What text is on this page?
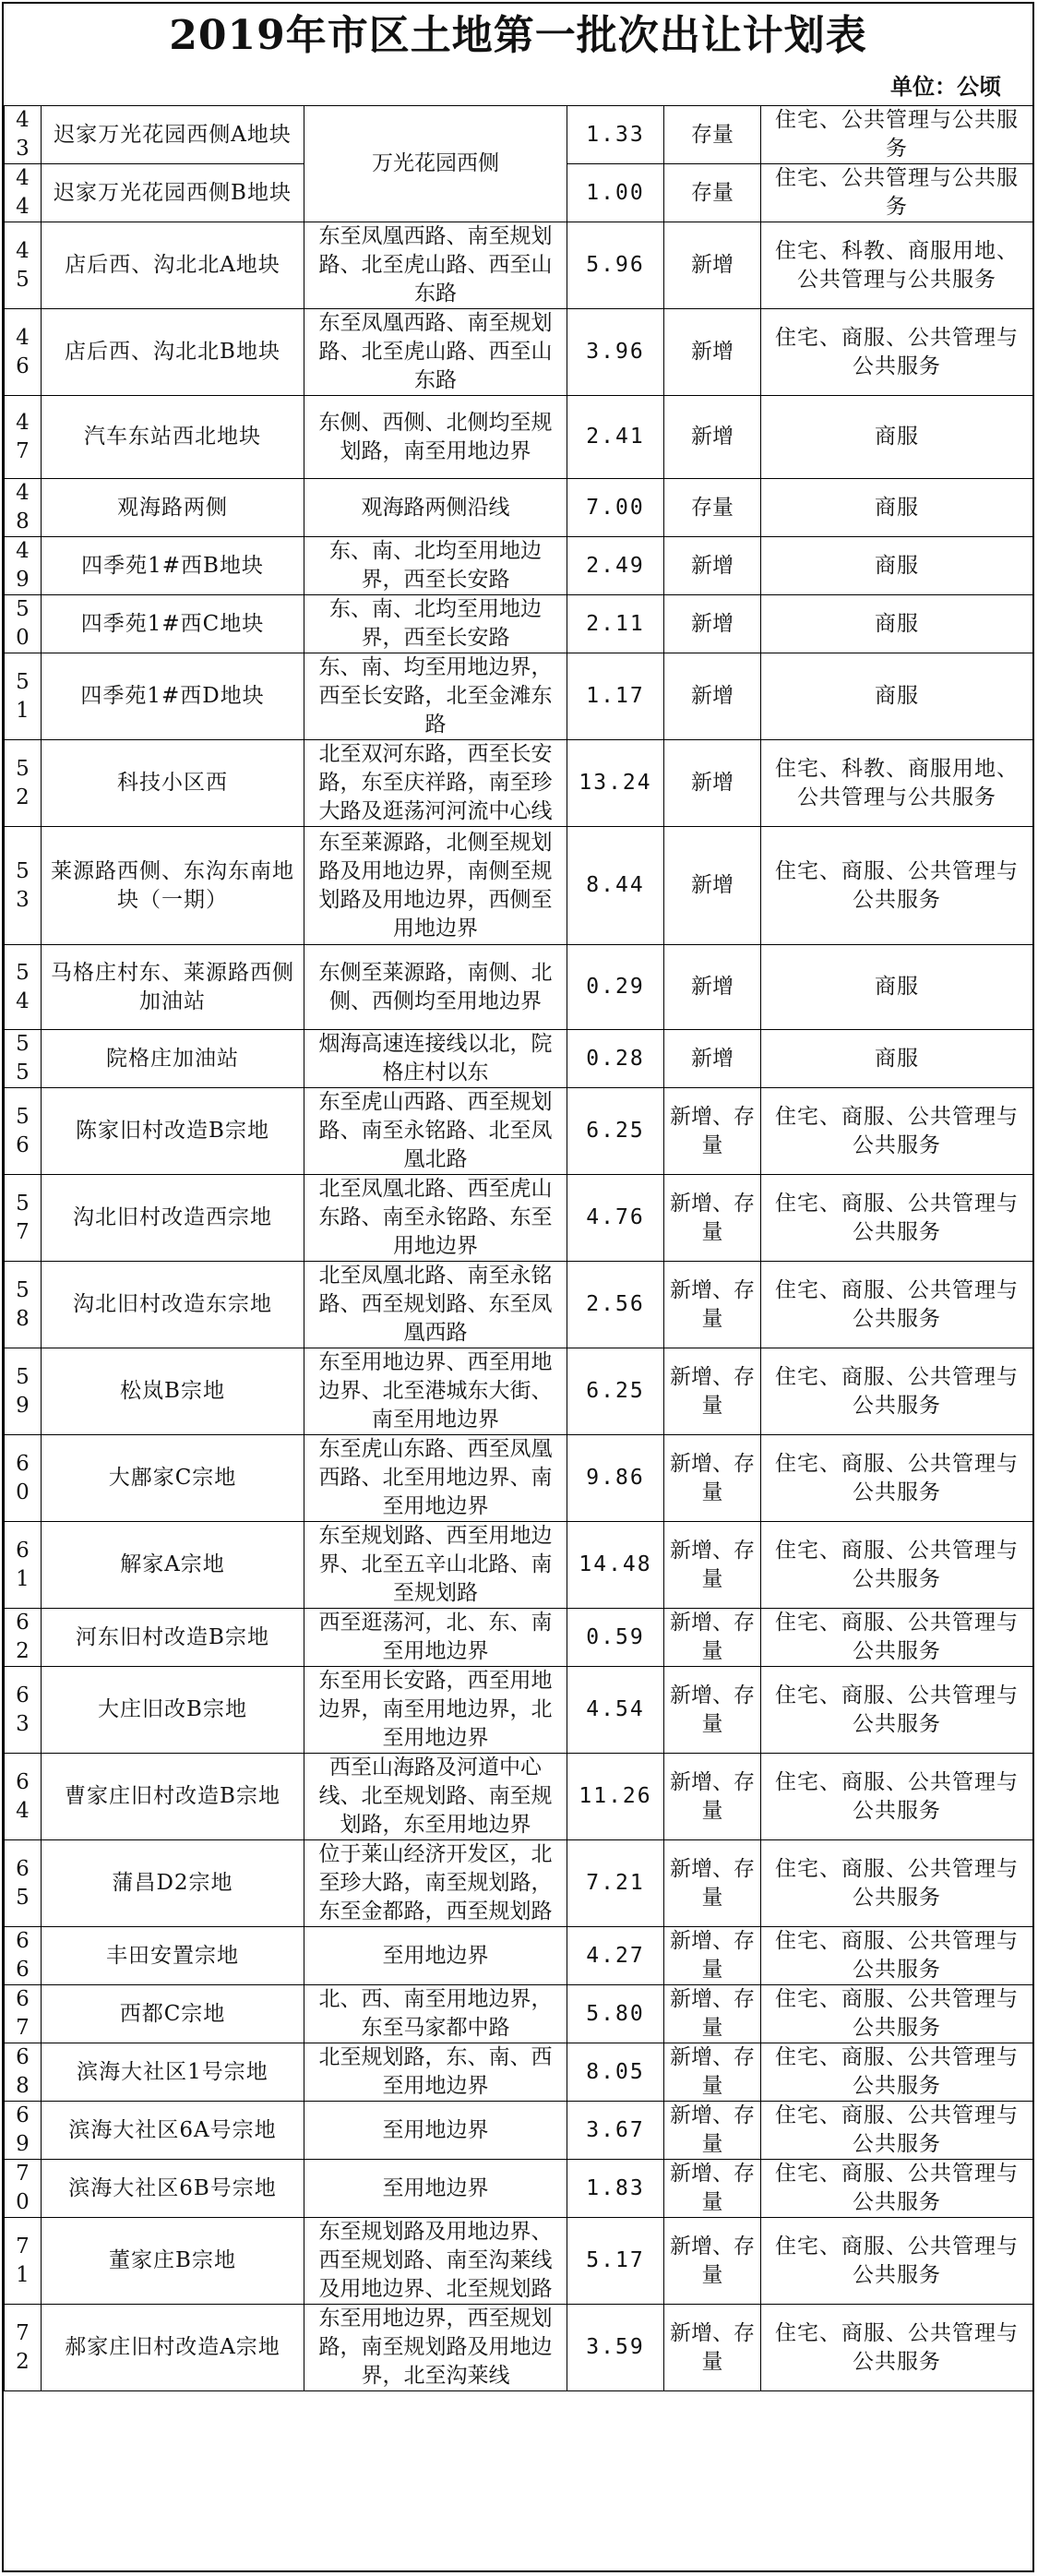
2019年市区土地第一批次出让计划表
单位：公顷
43	迟家万光花园西侧A地块	万光花园西侧	1.33	存量	住宅、公共管理与公共服务
44	迟家万光花园西侧B地块		1.00	存量	住宅、公共管理与公共服务
45	店后西、沟北北A地块	东至凤凰西路、南至规划路、北至虎山路、西至山东路	5.96	新增	住宅、科教、商服用地、公共管理与公共服务
46	店后西、沟北北B地块	东至凤凰西路、南至规划路、北至虎山路、西至山东路	3.96	新增	住宅、商服、公共管理与公共服务
47	汽车东站西北地块	东侧、西侧、北侧均至规划路，南至用地边界	2.41	新增	商服
48	观海路两侧	观海路两侧沿线	7.00	存量	商服
49	四季苑1#西B地块	东、南、北均至用地边界，西至长安路	2.49	新增	商服
50	四季苑1#西C地块	东、南、北均至用地边界，西至长安路	2.11	新增	商服
51	四季苑1#西D地块	东、南、均至用地边界，西至长安路，北至金滩东路	1.17	新增	商服
52	科技小区西	北至双河东路，西至长安路，东至庆祥路，南至珍大路及逛荡河河流中心线	13.24	新增	住宅、科教、商服用地、公共管理与公共服务
53	莱源路西侧、东沟东南地块（一期）	东至莱源路，北侧至规划路及用地边界，南侧至规划路及用地边界，西侧至用地边界	8.44	新增	住宅、商服、公共管理与公共服务
54	马格庄村东、莱源路西侧加油站	东侧至莱源路，南侧、北侧、西侧均至用地边界	0.29	新增	商服
55	院格庄加油站	烟海高速连接线以北，院格庄村以东	0.28	新增	商服
56	陈家旧村改造B宗地	东至虎山西路、西至规划路、南至永铭路、北至凤凰北路	6.25	新增、存量	住宅、商服、公共管理与公共服务
57	沟北旧村改造西宗地	北至凤凰北路、西至虎山东路、南至永铭路、东至用地边界	4.76	新增、存量	住宅、商服、公共管理与公共服务
58	沟北旧村改造东宗地	北至凤凰北路、南至永铭路、西至规划路、东至凤凰西路	2.56	新增、存量	住宅、商服、公共管理与公共服务
59	松岚B宗地	东至用地边界、西至用地边界、北至港城东大街、南至用地边界	6.25	新增、存量	住宅、商服、公共管理与公共服务
60	大鄌家C宗地	东至虎山东路、西至凤凰西路、北至用地边界、南至用地边界	9.86	新增、存量	住宅、商服、公共管理与公共服务
61	解家A宗地	东至规划路、西至用地边界、北至五辛山北路、南至规划路	14.48	新增、存量	住宅、商服、公共管理与公共服务
62	河东旧村改造B宗地	西至逛荡河，北、东、南至用地边界	0.59	新增、存量	住宅、商服、公共管理与公共服务
63	大庄旧改B宗地	东至用长安路，西至用地边界，南至用地边界，北至用地边界	4.54	新增、存量	住宅、商服、公共管理与公共服务
64	曹家庄旧村改造B宗地	西至山海路及河道中心线、北至规划路、南至规划路，东至用地边界	11.26	新增、存量	住宅、商服、公共管理与公共服务
65	蒲昌D2宗地	位于莱山经济开发区，北至珍大路，南至规划路，东至金都路，西至规划路	7.21	新增、存量	住宅、商服、公共管理与公共服务
66	丰田安置宗地	至用地边界	4.27	新增、存量	住宅、商服、公共管理与公共服务
67	西都C宗地	北、西、南至用地边界，东至马家都中路	5.80	新增、存量	住宅、商服、公共管理与公共服务
68	滨海大社区1号宗地	北至规划路，东、南、西至用地边界	8.05	新增、存量	住宅、商服、公共管理与公共服务
69	滨海大社区6A号宗地	至用地边界	3.67	新增、存量	住宅、商服、公共管理与公共服务
70	滨海大社区6B号宗地	至用地边界	1.83	新增、存量	住宅、商服、公共管理与公共服务
71	董家庄B宗地	东至规划路及用地边界、西至规划路、南至沟莱线及用地边界、北至规划路	5.17	新增、存量	住宅、商服、公共管理与公共服务
72	郝家庄旧村改造A宗地	东至用地边界，西至规划路，南至规划路及用地边界，北至沟莱线	3.59	新增、存量	住宅、商服、公共管理与公共服务
